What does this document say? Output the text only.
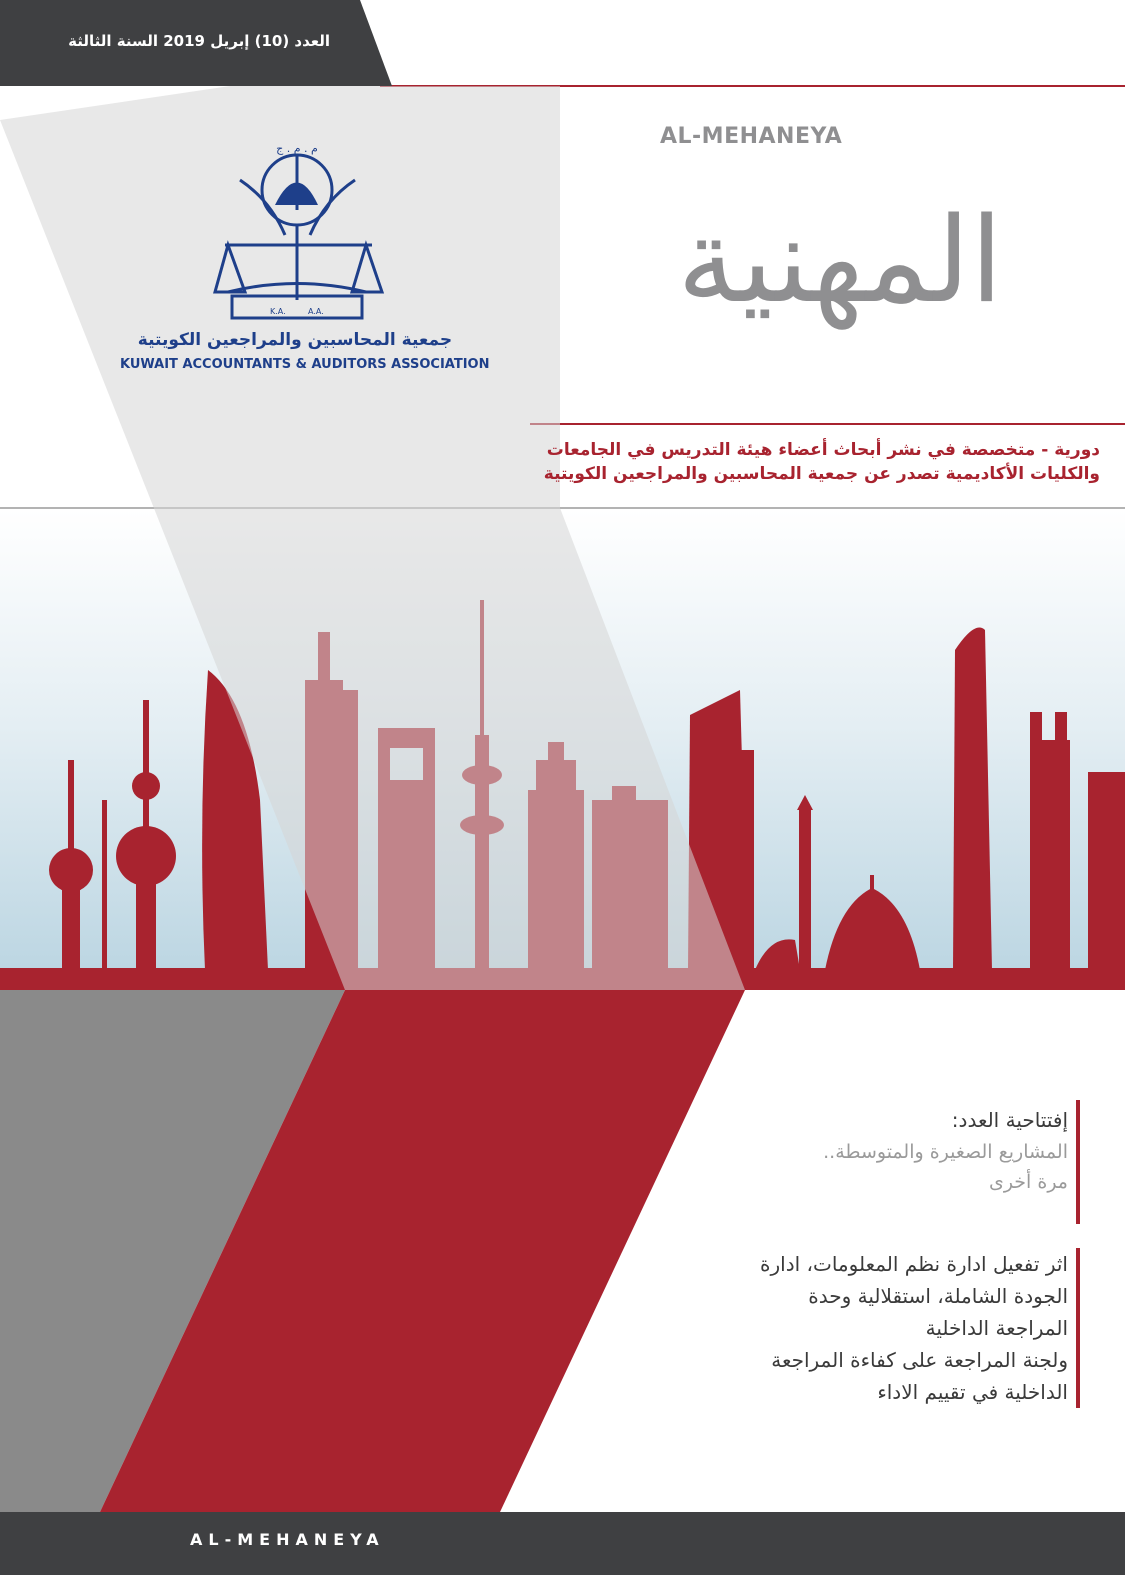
العدد (10) إبريل 2019 السنة الثالثة
AL-MEHANEYA
المهنية
م . م . ج
K.A.	A.A.
جمعية المحاسبين والمراجعين الكويتية
KUWAIT ACCOUNTANTS & AUDITORS ASSOCIATION
دورية - متخصصة في نشر أبحاث أعضاء هيئة التدريس في الجامعات
والكليات الأكاديمية تصدر عن جمعية المحاسبين والمراجعين الكويتية
إفتتاحية العدد:
المشاريع الصغيرة والمتوسطة..
مرة أخرى
اثر تفعيل ادارة نظم المعلومات، ادارة
الجودة الشاملة، استقلالية وحدة
المراجعة الداخلية
ولجنة المراجعة على كفاءة المراجعة
الداخلية في تقييم الاداء
AL-MEHANEYA
